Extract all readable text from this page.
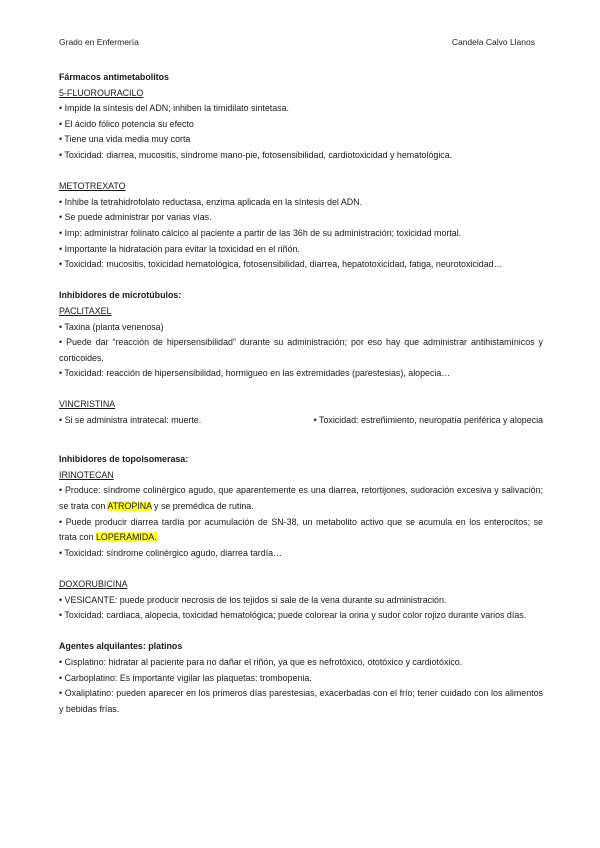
Grado en Enfermería	Candela Calvo Llanos

Fármacos antimetabolitos

5-FLUOROURACILO

• Impide la síntesis del ADN; inhiben la timidilato sintetasa.

• El ácido fólico potencia su efecto

• Tiene una vida media muy corta

• Toxicidad: diarrea, mucositis, síndrome mano-pie, fotosensibilidad, cardiotoxicidad y hematológica.

METOTREXATO

• Inhibe la tetrahidrofolato reductasa, enzima aplicada en la síntesis del ADN.

• Se puede administrar por varias vías.

• Imp: administrar folinato cálcico al paciente a partir de las 36h de su administración; toxicidad mortal.

• Importante la hidratación para evitar la toxicidad en el riñón.

• Toxicidad: mucositis, toxicidad hematológica, fotosensibilidad, diarrea, hepatotoxicidad, fatiga, neurotoxicidad…

Inhibidores de microtúbulos:

PACLITAXEL

• Taxina (planta venenosa)

• Puede dar “reacción de hipersensibilidad” durante su administración; por eso hay que administrar antihistamínicos y corticoides.

• Toxicidad: reacción de hipersensibilidad, hormigueo en las extremidades (parestesias), alopecia…

VINCRISTINA

• Si se administra intratecal: muerte.	• Toxicidad: estreñimiento, neuropatía periférica y alopecia

Inhibidores de topoisomerasa:

IRINOTECAN

• Produce: síndrome colinérgico agudo, que aparentemente es una diarrea, retortijones, sudoración excesiva y salivación; se trata con ATROPINA y se premédica de rutina.

• Puede producir diarrea tardía por acumulación de SN-38, un metabolito activo que se acumula en los enterocitos; se trata con LOPERAMIDA.

• Toxicidad: síndrome colinérgico agudo, diarrea tardía…

DOXORUBICINA

• VESICANTE: puede producir necrosis de los tejidos si sale de la vena durante su administración.

• Toxicidad: cardiaca, alopecia, toxicidad hematológica; puede colorear la orina y sudor color rojizo durante varios días.

Agentes alquilantes: platinos

• Cisplatino: hidratar al paciente para no dañar el riñón, ya que es nefrotóxico, ototóxico y cardiotóxico.

• Carboplatino: Es importante vigilar las plaquetas: trombopenia.

• Oxaliplatino: pueden aparecer en los primeros días parestesias, exacerbadas con el frío; tener cuidado con los alimentos y bebidas frías.
